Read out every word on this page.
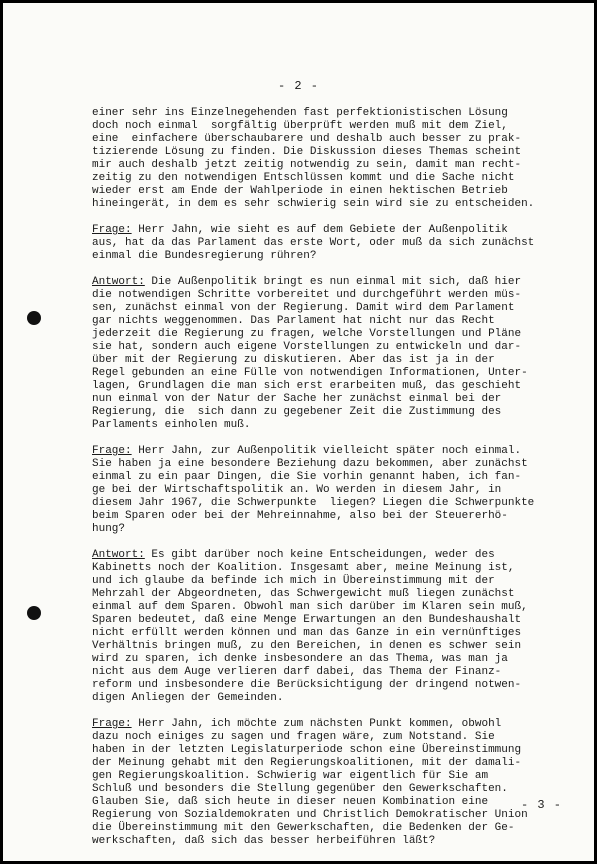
- 2 -
einer sehr ins Einzelnegehenden fast perfektionistischen Lösung
doch noch einmal  sorgfältig überprüft werden muß mit dem Ziel,
eine  einfachere überschaubarere und deshalb auch besser zu prak-
tizierende Lösung zu finden. Die Diskussion dieses Themas scheint
mir auch deshalb jetzt zeitig notwendig zu sein, damit man recht-
zeitig zu den notwendigen Entschlüssen kommt und die Sache nicht
wieder erst am Ende der Wahlperiode in einen hektischen Betrieb
hineingerät, in dem es sehr schwierig sein wird sie zu entscheiden.
Frage: Herr Jahn, wie sieht es auf dem Gebiete der Außenpolitik
aus, hat da das Parlament das erste Wort, oder muß da sich zunächst
einmal die Bundesregierung rühren?
Antwort: Die Außenpolitik bringt es nun einmal mit sich, daß hier
die notwendigen Schritte vorbereitet und durchgeführt werden müs-
sen, zunächst einmal von der Regierung. Damit wird dem Parlament
gar nichts weggenommen. Das Parlament hat nicht nur das Recht
jederzeit die Regierung zu fragen, welche Vorstellungen und Pläne
sie hat, sondern auch eigene Vorstellungen zu entwickeln und dar-
über mit der Regierung zu diskutieren. Aber das ist ja in der
Regel gebunden an eine Fülle von notwendigen Informationen, Unter-
lagen, Grundlagen die man sich erst erarbeiten muß, das geschieht
nun einmal von der Natur der Sache her zunächst einmal bei der
Regierung, die  sich dann zu gegebener Zeit die Zustimmung des
Parlaments einholen muß.
Frage: Herr Jahn, zur Außenpolitik vielleicht später noch einmal.
Sie haben ja eine besondere Beziehung dazu bekommen, aber zunächst
einmal zu ein paar Dingen, die Sie vorhin genannt haben, ich fan-
ge bei der Wirtschaftspolitik an. Wo werden in diesem Jahr, in
diesem Jahr 1967, die Schwerpunkte  liegen? Liegen die Schwerpunkte
beim Sparen oder bei der Mehreinnahme, also bei der Steuererhö-
hung?
Antwort: Es gibt darüber noch keine Entscheidungen, weder des
Kabinetts noch der Koalition. Insgesamt aber, meine Meinung ist,
und ich glaube da befinde ich mich in Übereinstimmung mit der
Mehrzahl der Abgeordneten, das Schwergewicht muß liegen zunächst
einmal auf dem Sparen. Obwohl man sich darüber im Klaren sein muß,
Sparen bedeutet, daß eine Menge Erwartungen an den Bundeshaushalt
nicht erfüllt werden können und man das Ganze in ein vernünftiges
Verhältnis bringen muß, zu den Bereichen, in denen es schwer sein
wird zu sparen, ich denke insbesondere an das Thema, was man ja
nicht aus dem Auge verlieren darf dabei, das Thema der Finanz-
reform und insbesondere die Berücksichtigung der dringend notwen-
digen Anliegen der Gemeinden.
Frage: Herr Jahn, ich möchte zum nächsten Punkt kommen, obwohl
dazu noch einiges zu sagen und fragen wäre, zum Notstand. Sie
haben in der letzten Legislaturperiode schon eine Übereinstimmung
der Meinung gehabt mit den Regierungskoalitionen, mit der damali-
gen Regierungskoalition. Schwierig war eigentlich für Sie am
Schluß und besonders die Stellung gegenüber den Gewerkschaften.
Glauben Sie, daß sich heute in dieser neuen Kombination eine
Regierung von Sozialdemokraten und Christlich Demokratischer Union
die Übereinstimmung mit den Gewerkschaften, die Bedenken der Ge-
werkschaften, daß sich das besser herbeiführen läßt?
- 3 -
